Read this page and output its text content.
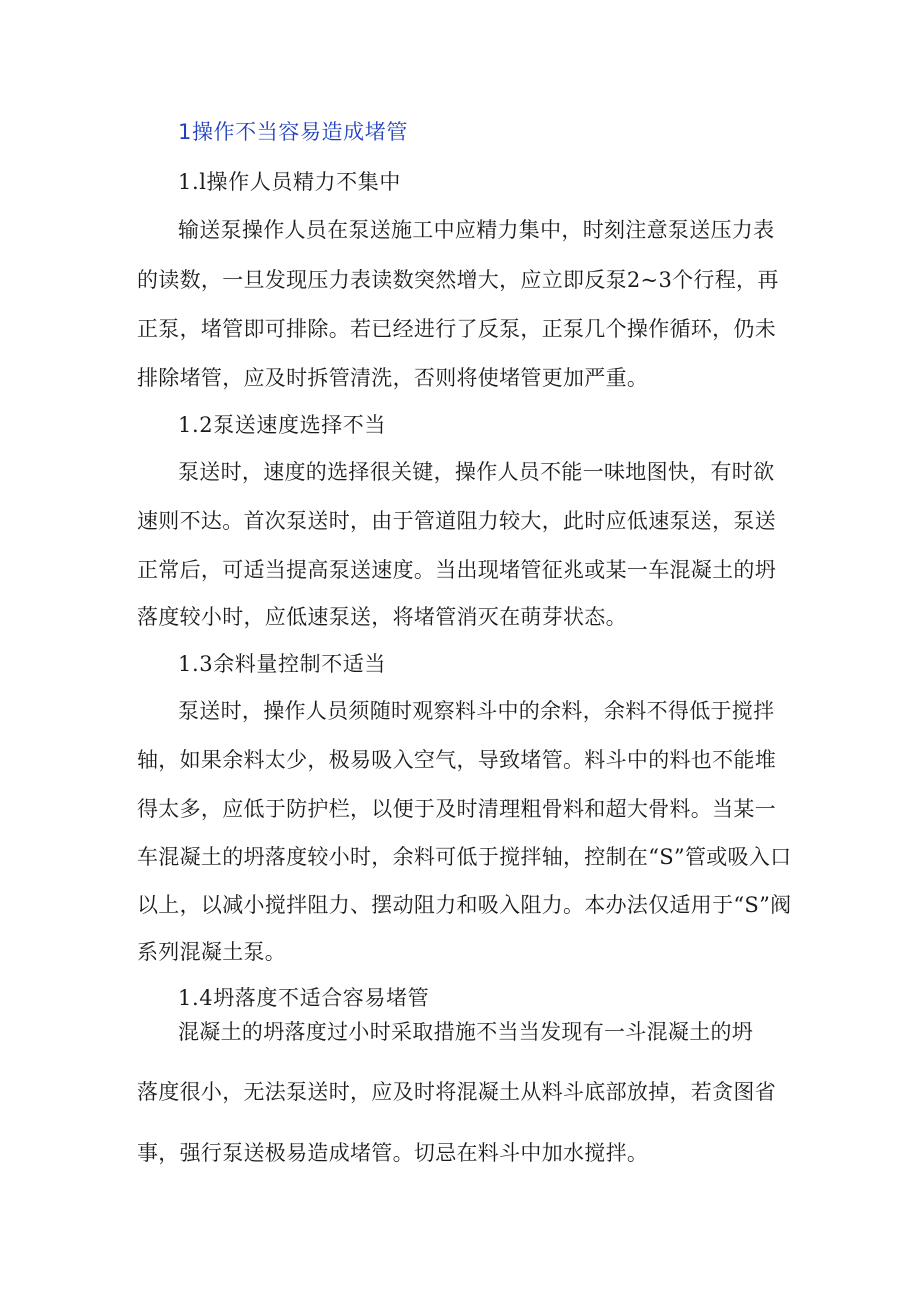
1操作不当容易造成堵管
1.l操作人员精力不集中
输送泵操作人员在泵送施工中应精力集中，时刻注意泵送压力表
的读数，一旦发现压力表读数突然增大，应立即反泵2~3个行程，再
正泵，堵管即可排除。若已经进行了反泵，正泵几个操作循环，仍未
排除堵管，应及时拆管清洗，否则将使堵管更加严重。
1.2泵送速度选择不当
泵送时，速度的选择很关键，操作人员不能一味地图快，有时欲
速则不达。首次泵送时，由于管道阻力较大，此时应低速泵送，泵送
正常后，可适当提高泵送速度。当出现堵管征兆或某一车混凝土的坍
落度较小时，应低速泵送，将堵管消灭在萌芽状态。
1.3余料量控制不适当
泵送时，操作人员须随时观察料斗中的余料，余料不得低于搅拌
轴，如果余料太少，极易吸入空气，导致堵管。料斗中的料也不能堆
得太多，应低于防护栏，以便于及时清理粗骨料和超大骨料。当某一
车混凝土的坍落度较小时，余料可低于搅拌轴，控制在“S”管或吸入口
以上，以减小搅拌阻力、摆动阻力和吸入阻力。本办法仅适用于“S”阀
系列混凝土泵。
1.4坍落度不适合容易堵管
混凝土的坍落度过小时采取措施不当当发现有一斗混凝土的坍
落度很小，无法泵送时，应及时将混凝土从料斗底部放掉，若贪图省
事，强行泵送极易造成堵管。切忌在料斗中加水搅拌。
